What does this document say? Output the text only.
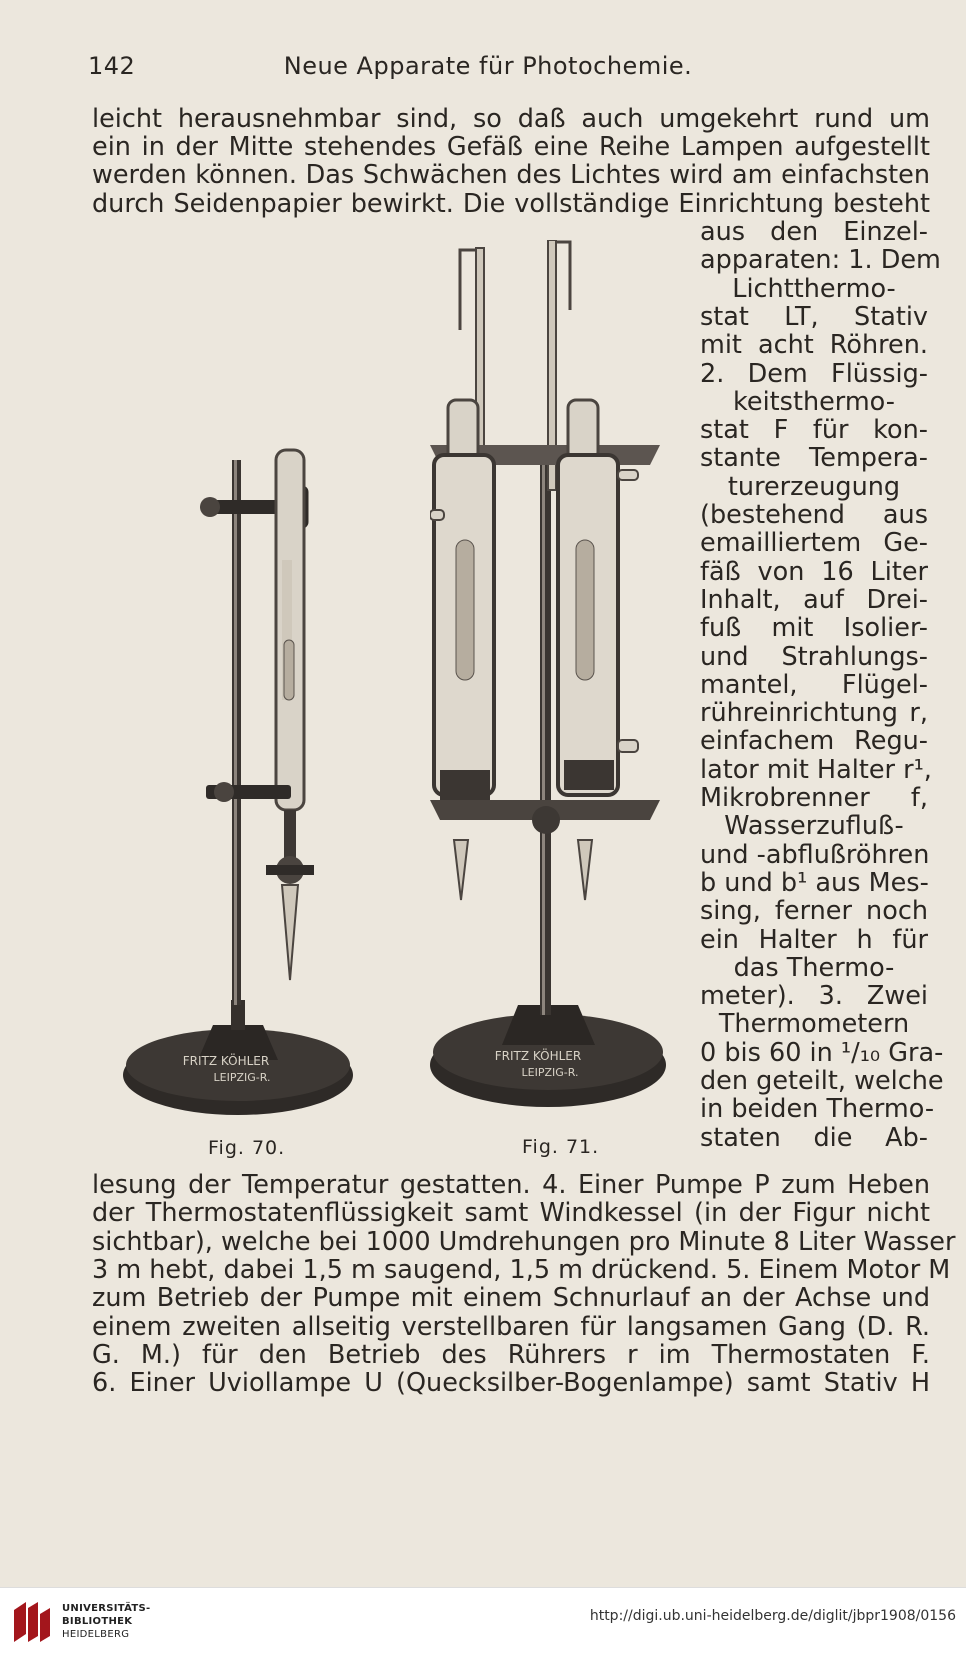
142	Neue Apparate für Photochemie.
leicht herausnehmbar sind, so daß auch umgekehrt rund um
ein in der Mitte stehendes Gefäß eine Reihe Lampen aufgestellt
werden können. Das Schwächen des Lichtes wird am einfachsten
durch Seidenpapier bewirkt. Die vollständige Einrichtung besteht
aus den Einzel-
apparaten: 1. Dem
Lichtthermo-
stat LT, Stativ
mit acht Röhren.
2. Dem Flüssig-
keitsthermo-
stat F für kon-
stante Tempera-
turerzeugung
(bestehend aus
emailliertem Ge-
fäß von 16 Liter
Inhalt, auf Drei-
fuß mit Isolier-
und Strahlungs-
mantel, Flügel-
rühreinrichtung r,
einfachem Regu-
lator mit Halter r¹,
Mikrobrenner f,
Wasserzufluß-
und -abflußröhren
b und b¹ aus Mes-
sing, ferner noch
ein Halter h für
das Thermo-
meter). 3. Zwei
Thermometern
0 bis 60 in ¹/₁₀ Gra-
den geteilt, welche
in beiden Thermo-
staten die Ab-
lesung der Temperatur gestatten. 4. Einer Pumpe P zum Heben
der Thermostatenflüssigkeit samt Windkessel (in der Figur nicht
sichtbar), welche bei 1000 Umdrehungen pro Minute 8 Liter Wasser
3 m hebt, dabei 1,5 m saugend, 1,5 m drückend. 5. Einem Motor M
zum Betrieb der Pumpe mit einem Schnurlauf an der Achse und
einem zweiten allseitig verstellbaren für langsamen Gang (D. R.
G. M.) für den Betrieb des Rührers r im Thermostaten F.
6. Einer Uviollampe U (Quecksilber-Bogenlampe) samt Stativ H
FRITZ KÖHLER
LEIPZIG-R.
FRITZ KÖHLER
LEIPZIG-R.
Fig. 70.	Fig. 71.
UNIVERSITÄTS-
BIBLIOTHEK
HEIDELBERG
http://digi.ub.uni-heidelberg.de/diglit/jbpr1908/0156
